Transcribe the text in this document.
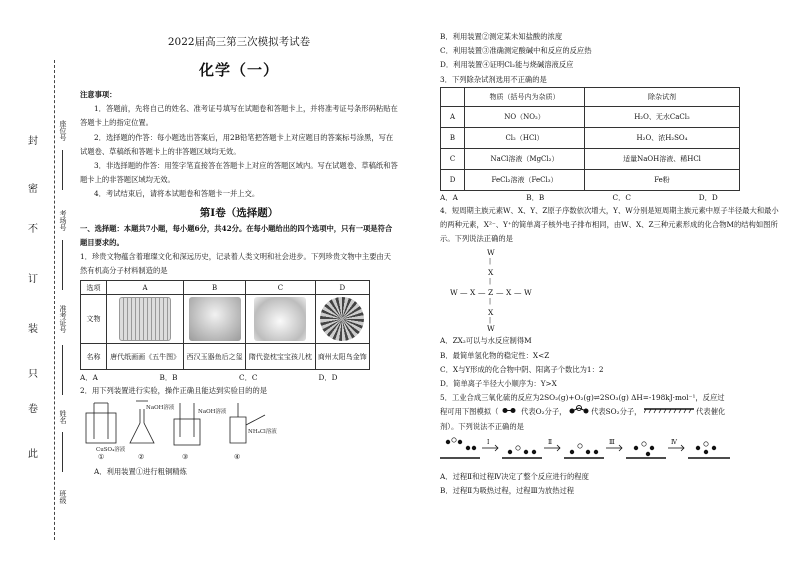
封
密
不
订
装
只
卷
此
座位号
考场号
准考证号
姓名
班级
2022届高三第三次模拟考试卷
化学（一）
注意事项：
1．答题前，先将自己的姓名、准考证号填写在试题卷和答题卡上，并将准考证号条形码粘贴在答题卡上的指定位置。
2．选择题的作答：每小题选出答案后，用2B铅笔把答题卡上对应题目的答案标号涂黑，写在试题卷、草稿纸和答题卡上的非答题区域均无效。
3．非选择题的作答：用签字笔直接答在答题卡上对应的答题区域内。写在试题卷、草稿纸和答题卡上的非答题区域均无效。
4．考试结束后，请将本试题卷和答题卡一并上交。
第Ⅰ卷（选择题）
一、选择题：本题共7小题，每小题6分，共42分。在每小题给出的四个选项中，只有一项是符合题目要求的。
1．珍贵文物蕴含着璀璨文化和深远历史，记录着人类文明和社会进步。下列珍贵文物中主要由天然有机高分子材料制造的是
选项	A	B	C	D
文物	

名称	唐代纸画画《五牛图》	西汉玉器鱼后之玺	隋代瓷枕宝宝孩儿枕	商州太阳鸟金饰
A．A	B．B	C．C	D．D
2．用下列装置进行实验，操作正确且能达到实验目的的是
CuSO₄溶液
NaOH溶液
NaOH溶液
NH₄Cl溶液
①	②	③	④
A．利用装置①进行粗铜精炼
B．利用装置②测定某未知盐酸的浓度
C．利用装置③准确测定酸碱中和反应的反应热
D．利用装置④证明Cl₂能与烧碱溶液反应
3．下列除杂试剂选用不正确的是
	物质（括号内为杂质）	除杂试剂
A	NO（NO₂）	H₂O、无水CaCl₂
B	Cl₂（HCl）	H₂O、浓H₂SO₄
C	NaCl溶液（MgCl₂）	适量NaOH溶液、稀HCl
D	FeCl₂溶液（FeCl₃）	Fe粉
A．A	B．B	C．C	D．D
4．短周期主族元素W、X、Y、Z原子序数依次增大，Y、W分别是短周期主族元素中原子半径最大和最小的两种元素，X²⁻、Y⁺的简单离子核外电子排布相同，由W、X、Z三种元素形成的化合物M的结构如图所示。下列说法正确的是
W
|
X
|
W — X — Z — X — W
|
X
|
W
A．ZX₂可以与水反应制得M
B．最简单氢化物的稳定性：X<Z
C．X与Y形成的化合物中阴、阳离子个数比为1：2
D．简单离子半径大小顺序为：Y>X
5．工业合成三氧化硫的反应为2SO₂(g)+O₂(g)⇌2SO₃(g) ΔH=-198kJ·mol⁻¹，反应过
程可用下图模拟（	代表O₂分子，	代表SO₂分子，	代表催化
剂）。下列说法不正确的是
Ⅰ	Ⅱ	Ⅲ	Ⅳ
A．过程Ⅱ和过程Ⅳ决定了整个反应进行的程度
B．过程Ⅱ为吸热过程，过程Ⅲ为放热过程
